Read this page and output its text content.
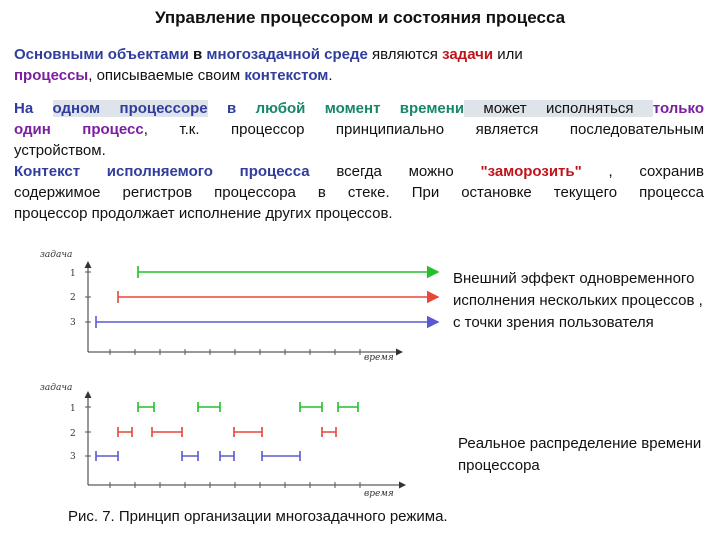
Управление процессором и состояния процесса
Основными объектами в многозадачной среде являются задачи или
процессы, описываемые своим контекстом.
На одном процессоре в любой момент времени может исполняться только
один процесс, т.к. процессор принципиально является последовательным
устройством.
Контекст исполняемого процесса всегда можно "заморозить" , сохранив
содержимое регистров процессора в стеке. При остановке текущего процесса
процессор продолжает исполнение других процессов.
задача
время
1
2
3
задача
время
1
2
3
Внешний эффект одновременного исполнения нескольких процессов , с точки зрения пользователя
Реальное распределение времени процессора
Рис. 7. Принцип организации многозадачного режима.
